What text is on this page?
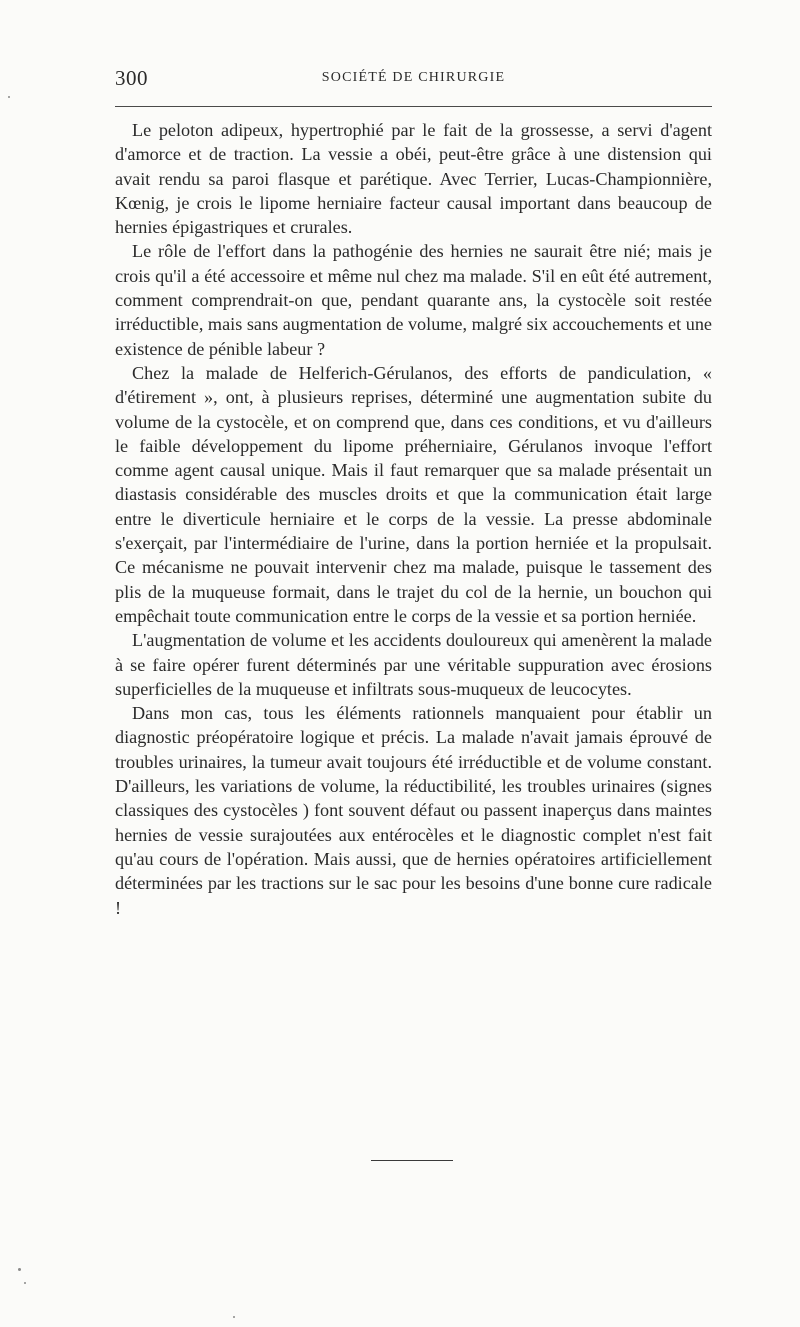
300	SOCIÉTÉ DE CHIRURGIE

Le peloton adipeux, hypertrophié par le fait de la grossesse, a servi d'agent d'amorce et de traction. La vessie a obéi, peut-être grâce à une distension qui avait rendu sa paroi flasque et parétique. Avec Terrier, Lucas-Championnière, Kœnig, je crois le lipome herniaire facteur causal important dans beaucoup de hernies épigastriques et crurales.

Le rôle de l'effort dans la pathogénie des hernies ne saurait être nié; mais je crois qu'il a été accessoire et même nul chez ma malade. S'il en eût été autrement, comment comprendrait-on que, pendant quarante ans, la cystocèle soit restée irréductible, mais sans augmentation de volume, malgré six accouchements et une existence de pénible labeur ?

Chez la malade de Helferich-Gérulanos, des efforts de pandiculation, « d'étirement », ont, à plusieurs reprises, déterminé une augmentation subite du volume de la cystocèle, et on comprend que, dans ces conditions, et vu d'ailleurs le faible développement du lipome préherniaire, Gérulanos invoque l'effort comme agent causal unique. Mais il faut remarquer que sa malade présentait un diastasis considérable des muscles droits et que la communication était large entre le diverticule herniaire et le corps de la vessie. La presse abdominale s'exerçait, par l'intermédiaire de l'urine, dans la portion herniée et la propulsait. Ce mécanisme ne pouvait intervenir chez ma malade, puisque le tassement des plis de la muqueuse formait, dans le trajet du col de la hernie, un bouchon qui empêchait toute communication entre le corps de la vessie et sa portion herniée.

L'augmentation de volume et les accidents douloureux qui amenèrent la malade à se faire opérer furent déterminés par une véritable suppuration avec érosions superficielles de la muqueuse et infiltrats sous-muqueux de leucocytes.

Dans mon cas, tous les éléments rationnels manquaient pour établir un diagnostic préopératoire logique et précis. La malade n'avait jamais éprouvé de troubles urinaires, la tumeur avait toujours été irréductible et de volume constant. D'ailleurs, les variations de volume, la réductibilité, les troubles urinaires (signes classiques des cystocèles ) font souvent défaut ou passent inaperçus dans maintes hernies de vessie surajoutées aux entérocèles et le diagnostic complet n'est fait qu'au cours de l'opération. Mais aussi, que de hernies opératoires artificiellement déterminées par les tractions sur le sac pour les besoins d'une bonne cure radicale !
